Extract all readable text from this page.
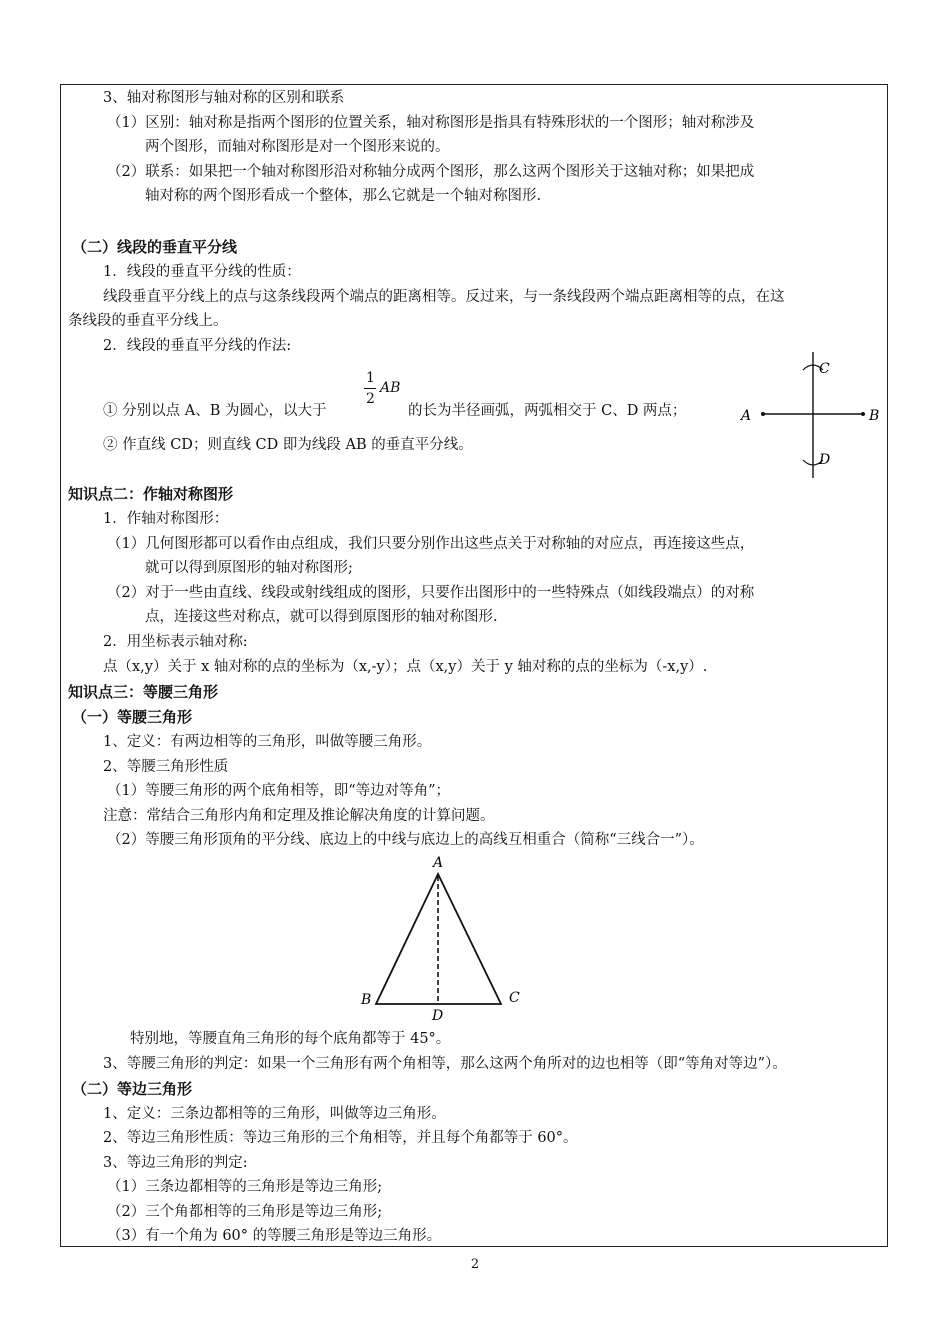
3、轴对称图形与轴对称的区别和联系
（1）区别：轴对称是指两个图形的位置关系，轴对称图形是指具有特殊形状的一个图形；轴对称涉及
两个图形，而轴对称图形是对一个图形来说的。
（2）联系：如果把一个轴对称图形沿对称轴分成两个图形，那么这两个图形关于这轴对称；如果把成
轴对称的两个图形看成一个整体，那么它就是一个轴对称图形.
（二）线段的垂直平分线
1．线段的垂直平分线的性质：
线段垂直平分线上的点与这条线段两个端点的距离相等。反过来，与一条线段两个端点距离相等的点，在这
条线段的垂直平分线上。
2．线段的垂直平分线的作法:
① 分别以点 A、B 为圆心，以大于
1
2
AB
的长为半径画弧，两弧相交于 C、D 两点；
② 作直线 CD；则直线 CD 即为线段 AB 的垂直平分线。
C
A	B
D
知识点二：作轴对称图形
1．作轴对称图形：
（1）几何图形都可以看作由点组成，我们只要分别作出这些点关于对称轴的对应点，再连接这些点，
就可以得到原图形的轴对称图形;
（2）对于一些由直线、线段或射线组成的图形，只要作出图形中的一些特殊点（如线段端点）的对称
点，连接这些对称点，就可以得到原图形的轴对称图形.
2．用坐标表示轴对称:
点（x,y）关于 x 轴对称的点的坐标为（x,-y）；点（x,y）关于 y 轴对称的点的坐标为（-x,y）.
知识点三：等腰三角形
（一）等腰三角形
1、定义：有两边相等的三角形，叫做等腰三角形。
2、等腰三角形性质
（1）等腰三角形的两个底角相等，即“等边对等角”；
注意：常结合三角形内角和定理及推论解决角度的计算问题。
（2）等腰三角形顶角的平分线、底边上的中线与底边上的高线互相重合（简称“三线合一”）。
A
B	C
D
特别地，等腰直角三角形的每个底角都等于 45°。
3、等腰三角形的判定：如果一个三角形有两个角相等，那么这两个角所对的边也相等（即“等角对等边”）。
（二）等边三角形
1、定义：三条边都相等的三角形，叫做等边三角形。
2、等边三角形性质：等边三角形的三个角相等，并且每个角都等于 60°。
3、等边三角形的判定:
（1）三条边都相等的三角形是等边三角形;
（2）三个角都相等的三角形是等边三角形;
（3）有一个角为 60° 的等腰三角形是等边三角形。
2
